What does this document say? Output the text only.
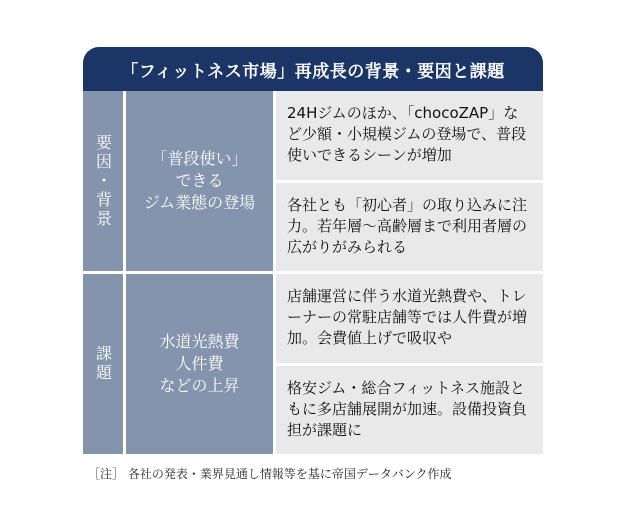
「フィットネス市場」再成長の背景・要因と課題
要因・背景	「普段使い」
できる
ジム業態の登場
24Hジムのほか、「chocoZAP」など少額・小規模ジムの登場で、普段使いできるシーンが増加
各社とも「初心者」の取り込みに注力。若年層〜高齢層まで利用者層の広がりがみられる
課題
水道光熱費
人件費
などの上昇
店舗運営に伴う水道光熱費や、トレーナーの常駐店舗等では人件費が増加。会費値上げで吸収や
格安ジム・総合フィットネス施設ともに多店舗展開が加速。設備投資負担が課題に
［注］ 各社の発表・業界見通し情報等を基に帝国データバンク作成
